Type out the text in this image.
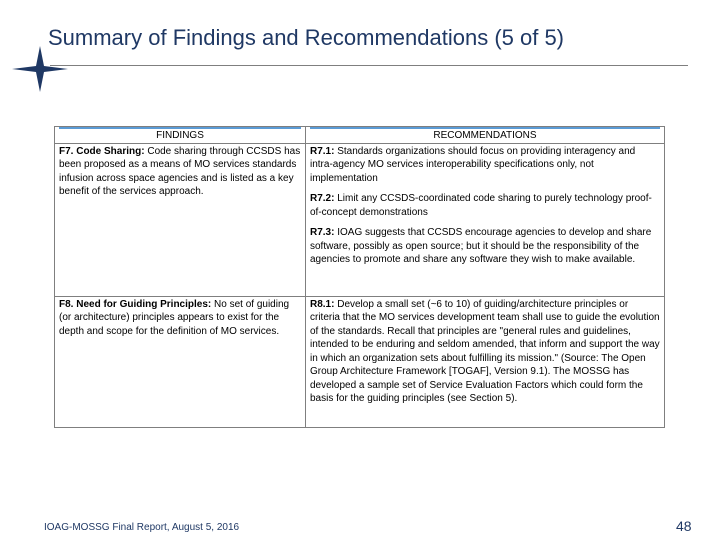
Summary of Findings and Recommendations (5 of 5)
FINDINGS	RECOMMENDATIONS
F7. Code Sharing: Code sharing through CCSDS has been proposed as a means of MO services standards infusion across space agencies and is listed as a key benefit of the services approach.	R7.1: Standards organizations should focus on providing interagency and intra-agency MO services interoperability specifications only, not implementation

R7.2: Limit any CCSDS-coordinated code sharing to purely technology proof-of-concept demonstrations

R7.3: IOAG suggests that CCSDS encourage agencies to develop and share software, possibly as open source; but it should be the responsibility of the agencies to promote and share any software they wish to make available.

F8. Need for Guiding Principles: No set of guiding (or architecture) principles appears to exist for the depth and scope for the definition of MO services.	R8.1: Develop a small set (~6 to 10) of guiding/architecture principles or criteria that the MO services development team shall use to guide the evolution of the standards. Recall that principles are "general rules and guidelines, intended to be enduring and seldom amended, that inform and support the way in which an organization sets about fulfilling its mission." (Source: The Open Group Architecture Framework [TOGAF], Version 9.1). The MOSSG has developed a sample set of Service Evaluation Factors which could form the basis for the guiding principles (see Section 5).

IOAG-MOSSG Final Report, August 5, 2016	48
